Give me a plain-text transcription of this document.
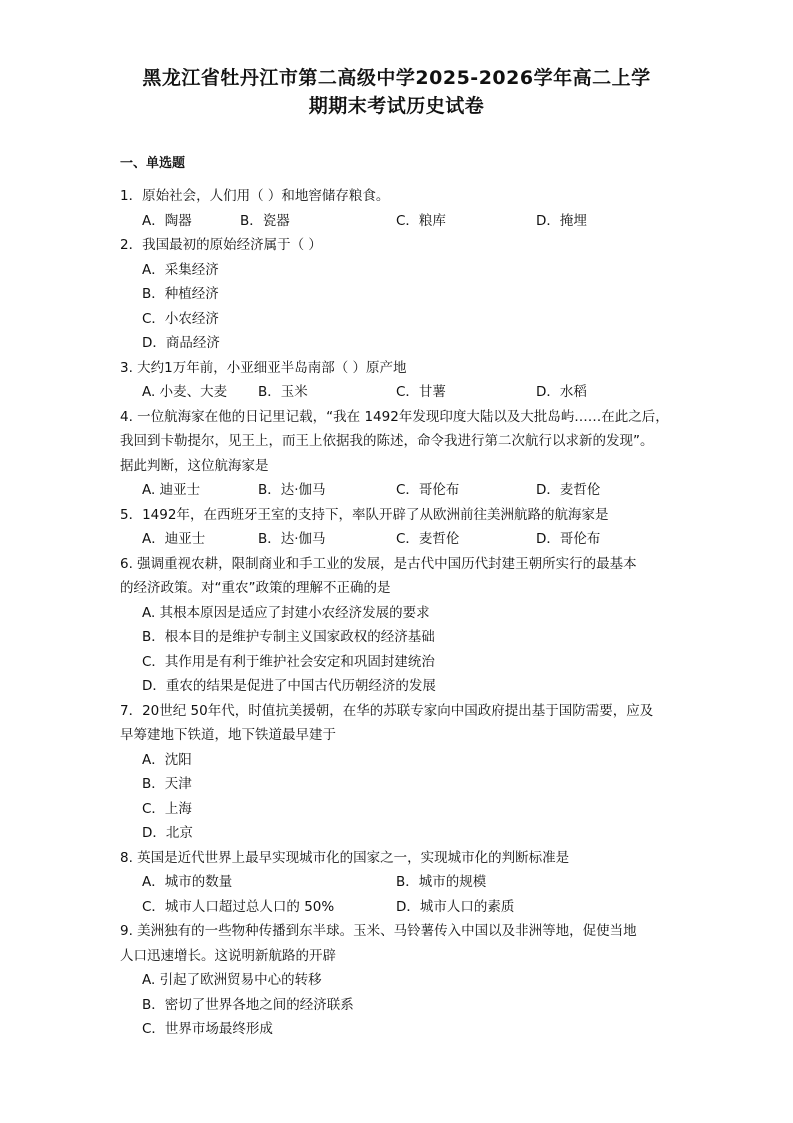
黑龙江省牡丹江市第二高级中学2025-2026学年高二上学
期期末考试历史试卷
一、单选题
1．原始社会，人们用（ ）和地窖储存粮食。
A．陶器	B．瓷器	C．粮库	D．掩埋
2．我国最初的原始经济属于（ ）
A．采集经济
B．种植经济
C．小农经济
D．商品经济
3. 大约1万年前，小亚细亚半岛南部（ ）原产地
A. 小麦、大麦 B．玉米	C．甘薯	D．水稻
4. 一位航海家在他的日记里记载，“我在 1492年发现印度大陆以及大批岛屿……在此之后，
我回到卡勒提尔，见王上，而王上依据我的陈述，命令我进行第二次航行以求新的发现”。
据此判断，这位航海家是
A. 迪亚士	B．达·伽马	C．哥伦布	D．麦哲伦
5．1492年，在西班牙王室的支持下，率队开辟了从欧洲前往美洲航路的航海家是
A．迪亚士	B．达·伽马	C．麦哲伦	D．哥伦布
6. 强调重视农耕，限制商业和手工业的发展，是古代中国历代封建王朝所实行的最基本
的经济政策。对“重农”政策的理解不正确的是
A. 其根本原因是适应了封建小农经济发展的要求
B．根本目的是维护专制主义国家政权的经济基础
C．其作用是有利于维护社会安定和巩固封建统治
D．重农的结果是促进了中国古代历朝经济的发展
7．20世纪 50年代，时值抗美援朝，在华的苏联专家向中国政府提出基于国防需要，应及
早筹建地下铁道，地下铁道最早建于
A．沈阳
B．天津
C．上海
D．北京
8. 英国是近代世界上最早实现城市化的国家之一，实现城市化的判断标准是
A．城市的数量	B．城市的规模
C．城市人口超过总人口的 50%	D．城市人口的素质
9. 美洲独有的一些物种传播到东半球。玉米、马铃薯传入中国以及非洲等地，促使当地
人口迅速增长。这说明新航路的开辟
A. 引起了欧洲贸易中心的转移
B．密切了世界各地之间的经济联系
C．世界市场最终形成
